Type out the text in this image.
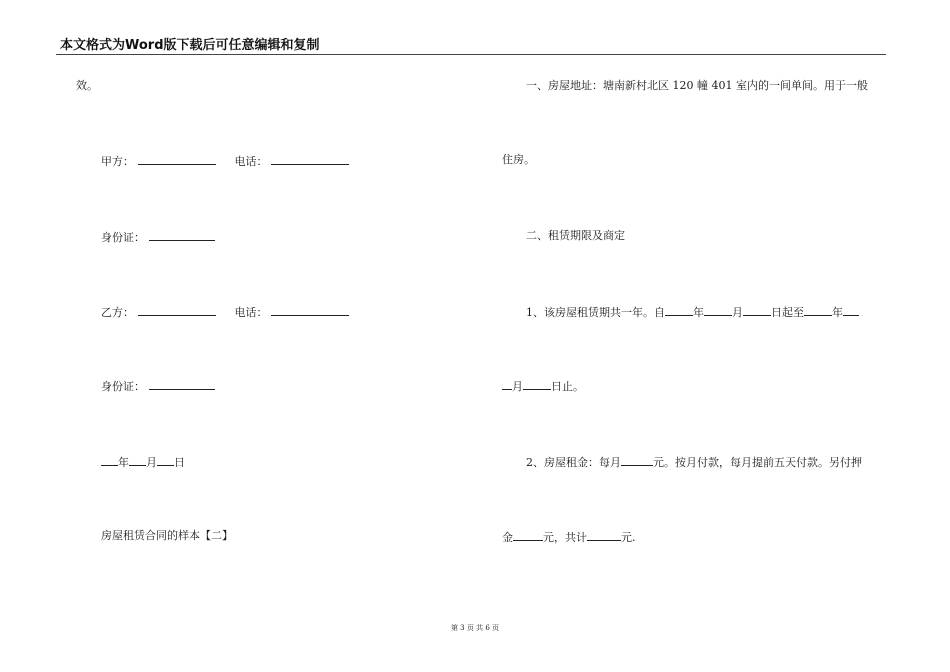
本文格式为Word版下载后可任意编辑和复制
效。
甲方：	电话：
身份证：
乙方：	电话：
身份证：
年 月 日
房屋租赁合同的样本【二】
一、房屋地址：塘南新村北区 120 幢 401 室内的一间单间。用于一般
住房。
二、租赁期限及商定
1、该房屋租赁期共一年。自	年	月	日起至	年
月	日止。
2、房屋租金：每月	元。按月付款，每月提前五天付款。另付押
金	元，共计	元.
第 3 页 共 6 页
